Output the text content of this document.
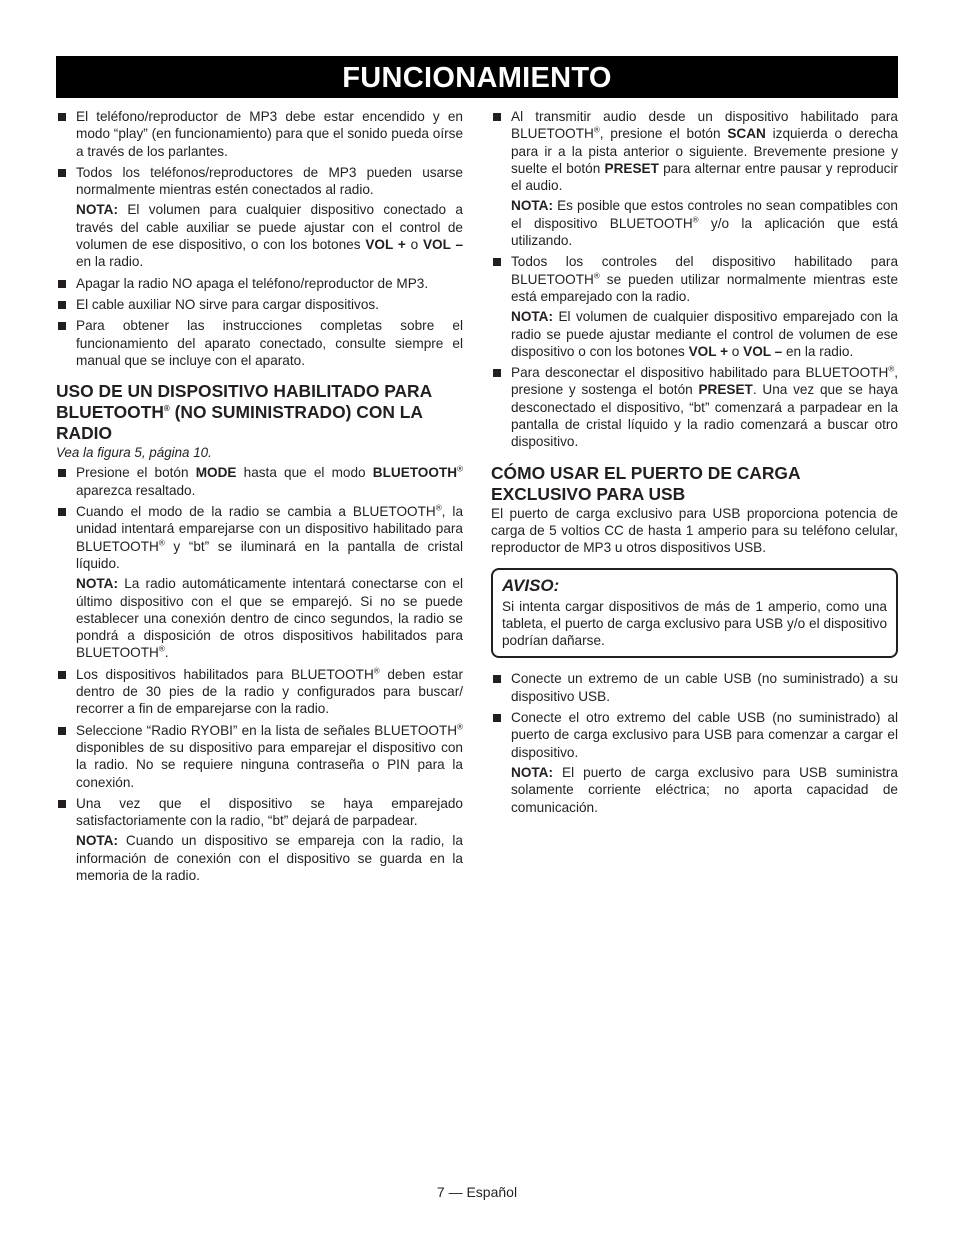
FUNCIONAMIENTO
El teléfono/reproductor de MP3 debe estar encendido y en modo “play” (en funcionamiento) para que el sonido pueda oírse a través de los parlantes.
Todos los teléfonos/reproductores de MP3 pueden usarse normalmente mientras estén conectados al radio.

NOTA: El volumen para cualquier dispositivo conectado a través del cable auxiliar se puede ajustar con el control de volumen de ese dispositivo, o con los botones VOL + o VOL – en la radio.

Apagar la radio NO apaga el teléfono/reproductor de MP3.
El cable auxiliar NO sirve para cargar dispositivos.
Para obtener las instrucciones completas sobre el funcionamiento del aparato conectado, consulte siempre el manual que se incluye con el aparato.
USO DE UN DISPOSITIVO HABILITADO PARA BLUETOOTH® (NO SUMINISTRADO) CON LA RADIO
Vea la figura 5, página 10.
Presione el botón MODE hasta que el modo BLUETOOTH® aparezca resaltado.
Cuando el modo de la radio se cambia a BLUETOOTH®, la unidad intentará emparejarse con un dispositivo habilitado para BLUETOOTH® y “bt” se iluminará en la pantalla de cristal líquido.

NOTA: La radio automáticamente intentará conectarse con el último dispositivo con el que se emparejó. Si no se puede establecer una conexión dentro de cinco segundos, la radio se pondrá a disposición de otros dispositivos habilitados para BLUETOOTH®.

Los dispositivos habilitados para BLUETOOTH® deben estar dentro de 30 pies de la radio y configurados para buscar/ recorrer a fin de emparejarse con la radio.
Seleccione “Radio RYOBI” en la lista de señales BLUETOOTH® disponibles de su dispositivo para emparejar el dispositivo con la radio. No se requiere ninguna contraseña o PIN para la conexión.
Una vez que el dispositivo se haya emparejado satisfactoriamente con la radio, “bt” dejará de parpadear.

NOTA: Cuando un dispositivo se empareja con la radio, la información de conexión con el dispositivo se guarda en la memoria de la radio.

Al transmitir audio desde un dispositivo habilitado para BLUETOOTH®, presione el botón SCAN izquierda o derecha para ir a la pista anterior o siguiente. Brevemente presione y suelte el botón PRESET para alternar entre pausar y reproducir el audio.

NOTA: Es posible que estos controles no sean compatibles con el dispositivo BLUETOOTH® y/o la aplicación que está utilizando.

Todos los controles del dispositivo habilitado para BLUETOOTH® se pueden utilizar normalmente mientras este está emparejado con la radio.

NOTA: El volumen de cualquier dispositivo emparejado con la radio se puede ajustar mediante el control de volumen de ese dispositivo o con los botones VOL + o VOL – en la radio.

Para desconectar el dispositivo habilitado para BLUETOOTH®, presione y sostenga el botón PRESET. Una vez que se haya desconectado el dispositivo, “bt” comenzará a parpadear en la pantalla de cristal líquido y la radio comenzará a buscar otro dispositivo.
CÓMO USAR EL PUERTO DE CARGA EXCLUSIVO PARA USB

El puerto de carga exclusivo para USB proporciona potencia de carga de 5 voltios CC de hasta 1 amperio para su teléfono celular, reproductor de MP3 u otros dispositivos USB.

AVISO:
Si intenta cargar dispositivos de más de 1 amperio, como una tableta, el puerto de carga exclusivo para USB y/o el dispositivo podrían dañarse.
Conecte un extremo de un cable USB (no suministrado) a su dispositivo USB.
Conecte el otro extremo del cable USB (no suministrado) al puerto de carga exclusivo para USB para comenzar a cargar el dispositivo.

NOTA: El puerto de carga exclusivo para USB suministra solamente corriente eléctrica; no aporta capacidad de comunicación.

7 — Español
